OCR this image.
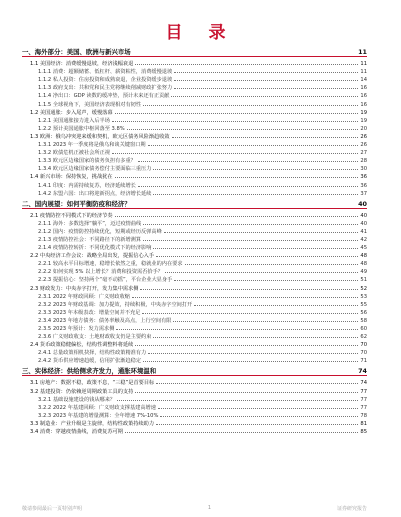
目 录
一、海外部分：美国、欧洲与新兴市场	11
1.1 美国经济：消费缓慢退坡，经济浅幅衰退	11
1.1.1 消费：超额储蓄、低杠杆、薪资粘性，消费缓慢退坡	11
1.1.2 私人投资：住房投资和成熟衰退，企业投资缓步退坡	14
1.1.3 政府支出：共和党和民主党将继续削减财政扩张努力	16
1.1.4 净出口：GDP 读数的缓冲垫，预计未来还有正贡献	16
1.1.5 全球视角下，美国经济表现相对有韧性	16
1.2 美国通胀：步入尾声，缓慢落幕	19
1.2.1 美国通胀接力进入后半场	19
1.2.2 预计美国通胀中枢回落至 3.8%	20
1.3 欧洲：俄乌冲突迎来缓和契机，欧元区债务风险渐趋收敛	26
1.3.1 2023 年一季度将是俄乌和谈关键窗口期	26
1.3.2 欧债危机正被社会所正视	27
1.3.3 欧元区边缘国家的债务负担有多重？	28
1.3.4 欧元区边缘国家债务偿付主要面临三重压力	30
1.4 新兴市场：保持恢复，挑战犹在	36
1.4.1 印度：内需持续复苏，经济延续增长	36
1.4.2 东盟六国：出口将迎新拐点，经济增长延续	37
二、国内展望：如何平衡防疫和经济？	40
2.1 疫情防控不同模式下的经济节奏	40
2.1.1 海外：多数选择“躺平”，迈过疫情曲线	40
2.1.2 国内：疫情防控持续优化，短期或经历反弹高峰	41
2.1.3 疫情防控社会：不同路径下的新增测算	42
2.1.4 疫情防控转折：不同优化模式下的经济影响	45
2.2 中央经济工作会议：战略全局出发，提振信心入手	48
2.2.1 较高水平目标增速，稳增长依然之重，稳就业的内在要求	48
2.2.2 如何实现 5% 以上增长？消费和投资需否拾手？	49
2.2.3 提振信心：坚持两个“毫不动摇”，平台企业大显身手	51
2.3 财政发力：中央赤字打开，发力集中需求侧	52
2.3.1 2022 年财政回顾：广义财政收缩	53
2.3.2 2023 年财政基调：加力提效，持续积极，中央赤字空间打开	55
2.3.3 2023 年本级表改：增量空间并不充足	56
2.3.4 2023 年地方债务：债务率触及高点，上行空间有限	58
2.3.5 2023 年预计：发力需求侧	60
2.3.6 广义财政收支：土地财政收支仍是主要约束	62
2.4 货币政策稳健偏松，结构性调整料将延续	70
2.4.1 总量政策相机抉择，结构性政策精准有力	70
2.4.2 货币供应增速趋缓，信用扩张渐趋稳定	71
三、实体经济：供给侧求齐发力，通胀环境温和	74
3.1 房地产：数据不稳，政策不息，“三稳”是首要目标	74
3.2 基建投资：仍依赖逆周期政策工具的支持	77
3.2.1 基础设施建设的钱从哪来？	77
3.2.2 2022 年基建回顾：广义财政支撑基建高增速	77
3.2.3 2023 年基建的增量测算：全年增速 7%-10%	78
3.3 制造业：产业升级是主旋律，结构性政策持续助力	81
3.4 消费：穿越疫情曲线，消费复苏可期	85
敬请参阅最后一页特别声明	1	证券研究报告
